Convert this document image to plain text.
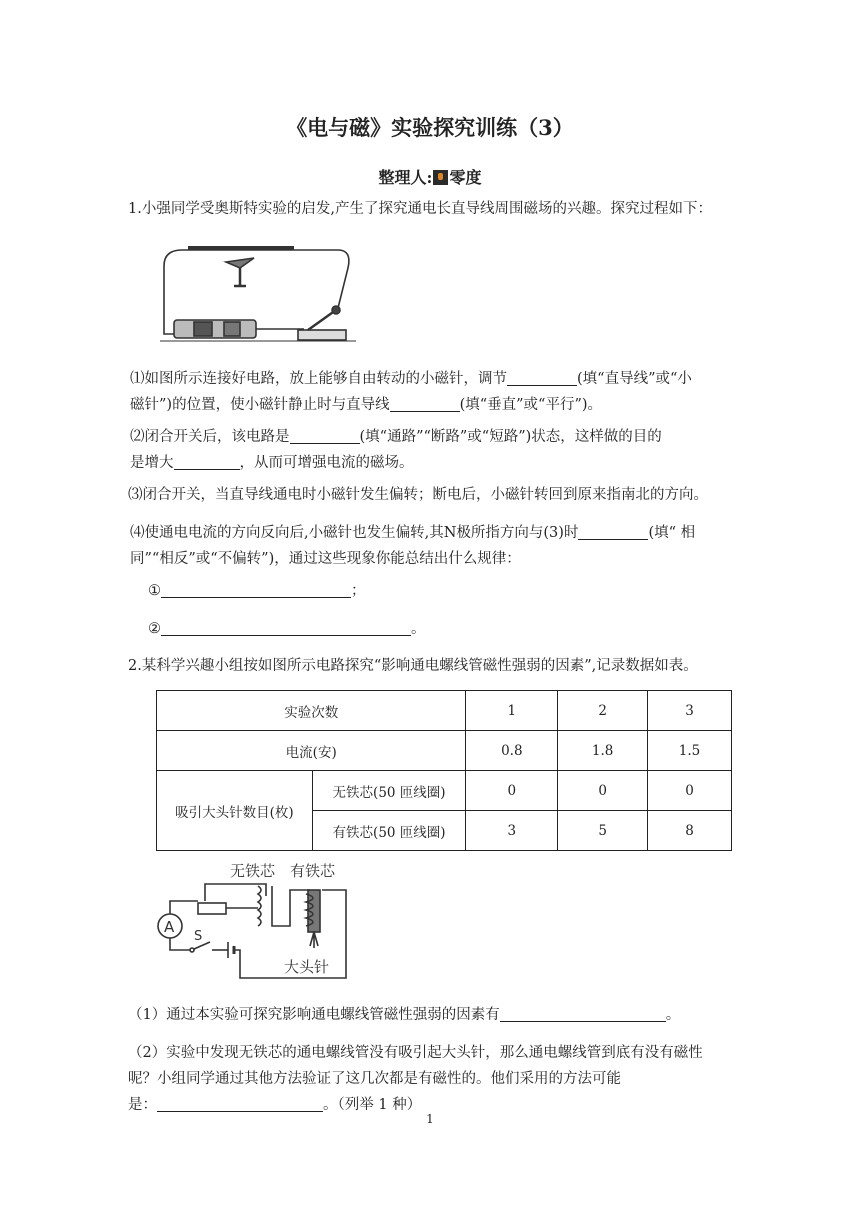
《电与磁》实验探究训练（3）
整理人: 零度
1.小强同学受奥斯特实验的启发,产生了探究通电长直导线周围磁场的兴趣。探究过程如下：
⑴如图所示连接好电路，放上能够自由转动的小磁针，调节	(填“直导线”或“小
磁针”)的位置，使小磁针静止时与直导线	(填“垂直”或“平行”)。
⑵闭合开关后，该电路是	(填“通路”“断路”或“短路”)状态，这样做的目的
是增大	，从而可增强电流的磁场。
⑶闭合开关，当直导线通电时小磁针发生偏转；断电后，小磁针转回到原来指南北的方向。
⑷使通电电流的方向反向后,小磁针也发生偏转,其N极所指方向与(3)时	(填“ 相
同”“相反”或“不偏转”)，通过这些现象你能总结出什么规律：
①	；
②	。
2.某科学兴趣小组按如图所示电路探究“影响通电螺线管磁性强弱的因素”,记录数据如表。
实验次数		1	2	3
电流(安)		0.8	1.8	1.5
吸引大头针数目(枚)	无铁芯(50 匝线圈)	0	0	0
	有铁芯(50 匝线圈)	3	5	8
无铁芯 有铁芯
A
S
大头针
（1）通过本实验可探究影响通电螺线管磁性强弱的因素有	。
（2）实验中发现无铁芯的通电螺线管没有吸引起大头针，那么通电螺线管到底有没有磁性
呢？小组同学通过其他方法验证了这几次都是有磁性的。他们采用的方法可能
是：	。（列举 1 种）
1
